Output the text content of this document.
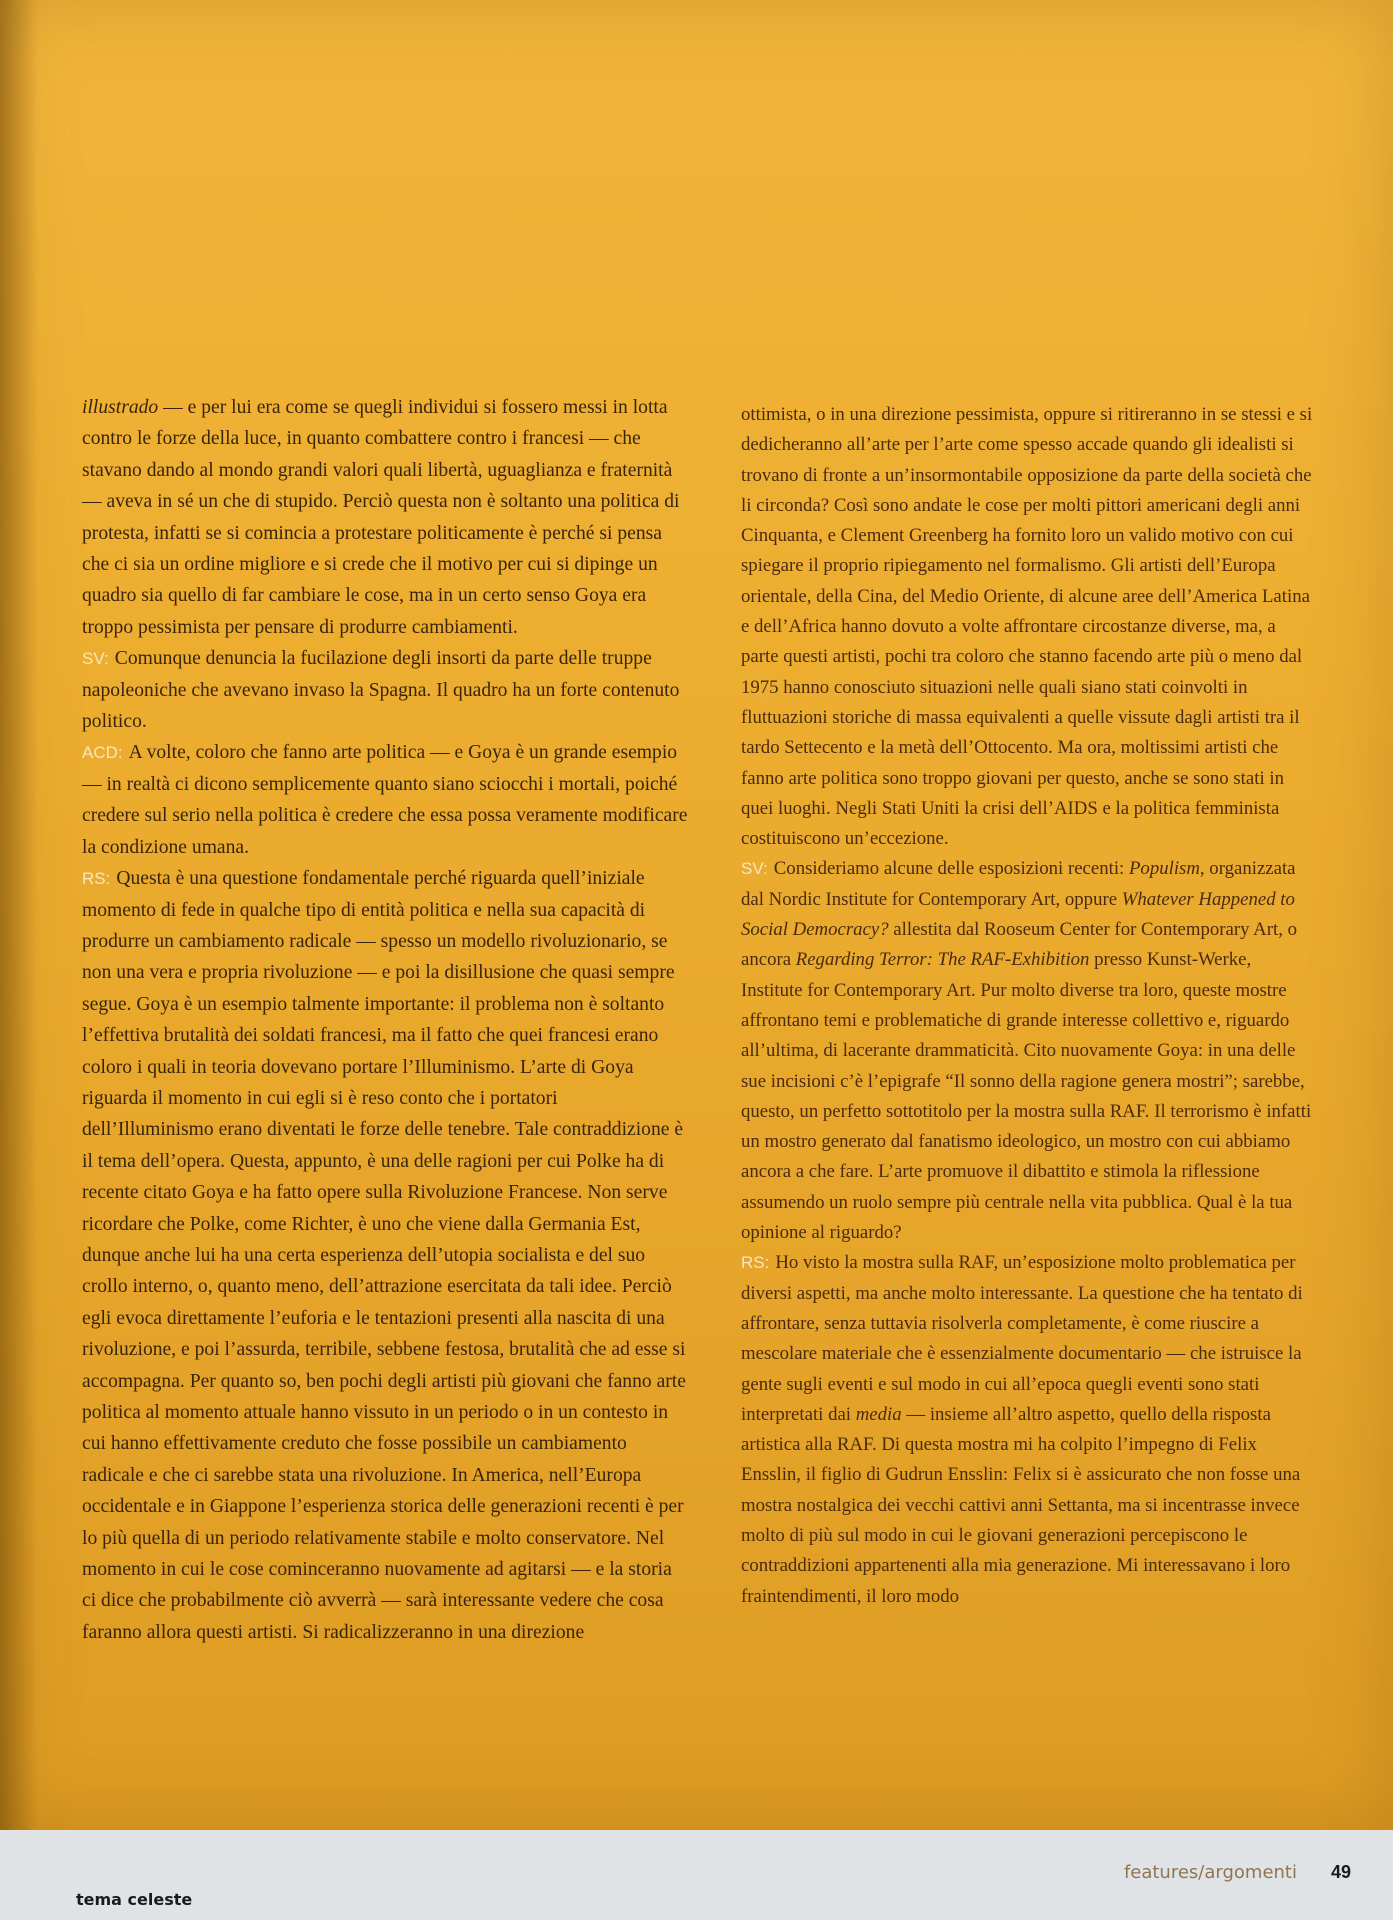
illustrado — e per lui era come se quegli individui si fossero messi in lotta contro le forze della luce, in quanto combattere contro i francesi — che stavano dando al mondo grandi valori quali libertà, uguaglianza e fraternità — aveva in sé un che di stupido. Perciò questa non è soltanto una politica di protesta, infatti se si comincia a protestare politicamente è perché si pensa che ci sia un ordine migliore e si crede che il motivo per cui si dipinge un quadro sia quello di far cambiare le cose, ma in un certo senso Goya era troppo pessimista per pensare di produrre cambiamenti.

SV: Comunque denuncia la fucilazione degli insorti da parte delle truppe napoleoniche che avevano invaso la Spagna. Il quadro ha un forte contenuto politico.

ACD: A volte, coloro che fanno arte politica — e Goya è un grande esempio — in realtà ci dicono semplicemente quanto siano sciocchi i mortali, poiché credere sul serio nella politica è credere che essa possa veramente modificare la condizione umana.

RS: Questa è una questione fondamentale perché riguarda quell’iniziale momento di fede in qualche tipo di entità politica e nella sua capacità di produrre un cambiamento radicale — spesso un modello rivoluzionario, se non una vera e propria rivoluzione — e poi la disillusione che quasi sempre segue. Goya è un esempio talmente importante: il problema non è soltanto l’effettiva brutalità dei soldati francesi, ma il fatto che quei francesi erano coloro i quali in teoria dovevano portare l’Illuminismo. L’arte di Goya riguarda il momento in cui egli si è reso conto che i portatori dell’Illuminismo erano diventati le forze delle tenebre. Tale contraddizione è il tema dell’opera. Questa, appunto, è una delle ragioni per cui Polke ha di recente citato Goya e ha fatto opere sulla Rivoluzione Francese. Non serve ricordare che Polke, come Richter, è uno che viene dalla Germania Est, dunque anche lui ha una certa esperienza dell’utopia socialista e del suo crollo interno, o, quanto meno, dell’attrazione esercitata da tali idee. Perciò egli evoca direttamente l’euforia e le tentazioni presenti alla nascita di una rivoluzione, e poi l’assurda, terribile, sebbene festosa, brutalità che ad esse si accompagna. Per quanto so, ben pochi degli artisti più giovani che fanno arte politica al momento attuale hanno vissuto in un periodo o in un contesto in cui hanno effettivamente creduto che fosse possibile un cambiamento radicale e che ci sarebbe stata una rivoluzione. In America, nell’Europa occidentale e in Giappone l’esperienza storica delle generazioni recenti è per lo più quella di un periodo relativamente stabile e molto conservatore. Nel momento in cui le cose cominceranno nuovamente ad agitarsi — e la storia ci dice che probabilmente ciò avverrà — sarà interessante vedere che cosa faranno allora questi artisti. Si radicalizzeranno in una direzione

ottimista, o in una direzione pessimista, oppure si ritireranno in se stessi e si dedicheranno all’arte per l’arte come spesso accade quando gli idealisti si trovano di fronte a un’insormontabile opposizione da parte della società che li circonda? Così sono andate le cose per molti pittori americani degli anni Cinquanta, e Clement Greenberg ha fornito loro un valido motivo con cui spiegare il proprio ripiegamento nel formalismo. Gli artisti dell’Europa orientale, della Cina, del Medio Oriente, di alcune aree dell’America Latina e dell’Africa hanno dovuto a volte affrontare circostanze diverse, ma, a parte questi artisti, pochi tra coloro che stanno facendo arte più o meno dal 1975 hanno conosciuto situazioni nelle quali siano stati coinvolti in fluttuazioni storiche di massa equivalenti a quelle vissute dagli artisti tra il tardo Settecento e la metà dell’Ottocento. Ma ora, moltissimi artisti che fanno arte politica sono troppo giovani per questo, anche se sono stati in quei luoghi. Negli Stati Uniti la crisi dell’AIDS e la politica femminista costituiscono un’eccezione.

SV: Consideriamo alcune delle esposizioni recenti: Populism, organizzata dal Nordic Institute for Contemporary Art, oppure Whatever Happened to Social Democracy? allestita dal Rooseum Center for Contemporary Art, o ancora Regarding Terror: The RAF-Exhibition presso Kunst-Werke, Institute for Contemporary Art. Pur molto diverse tra loro, queste mostre affrontano temi e problematiche di grande interesse collettivo e, riguardo all’ultima, di lacerante drammaticità. Cito nuovamente Goya: in una delle sue incisioni c’è l’epigrafe “Il sonno della ragione genera mostri”; sarebbe, questo, un perfetto sottotitolo per la mostra sulla RAF. Il terrorismo è infatti un mostro generato dal fanatismo ideologico, un mostro con cui abbiamo ancora a che fare. L’arte promuove il dibattito e stimola la riflessione assumendo un ruolo sempre più centrale nella vita pubblica. Qual è la tua opinione al riguardo?

RS: Ho visto la mostra sulla RAF, un’esposizione molto problematica per diversi aspetti, ma anche molto interessante. La questione che ha tentato di affrontare, senza tuttavia risolverla completamente, è come riuscire a mescolare materiale che è essenzialmente documentario — che istruisce la gente sugli eventi e sul modo in cui all’epoca quegli eventi sono stati interpretati dai media — insieme all’altro aspetto, quello della risposta artistica alla RAF. Di questa mostra mi ha colpito l’impegno di Felix Ensslin, il figlio di Gudrun Ensslin: Felix si è assicurato che non fosse una mostra nostalgica dei vecchi cattivi anni Settanta, ma si incentrasse invece molto di più sul modo in cui le giovani generazioni percepiscono le contraddizioni appartenenti alla mia generazione. Mi interessavano i loro fraintendimenti, il loro modo

tema celeste
features/argomenti 49
